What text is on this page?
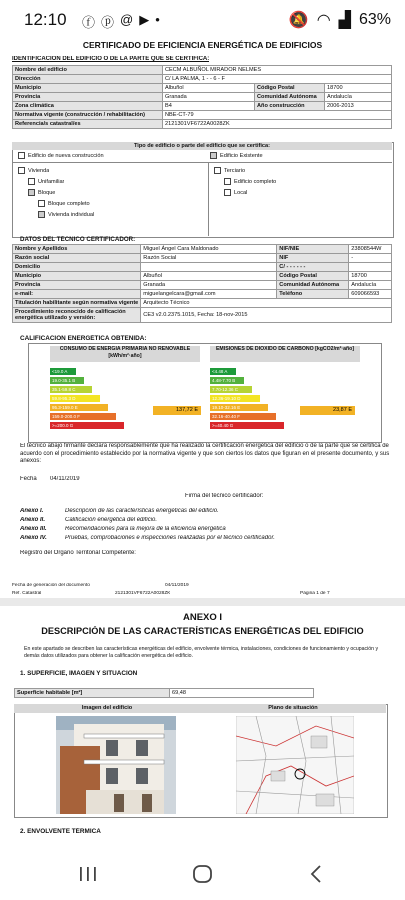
12:10 ⓕ ⓟ @ ▶ •	🔕 ◠ ▟ 63%
CERTIFICADO DE EFICIENCIA ENERGÉTICA DE EDIFICIOS
IDENTIFICACIÓN DEL EDIFICIO O DE LA PARTE QUE SE CERTIFICA:
Nombre del edificio	CECM ALBUÑOL MIRADOR NELMES		
Dirección	C/ LA PALMA, 1 - - 6 - F		
Municipio	Albuñol	Código Postal	18700
Provincia	Granada	Comunidad Autónoma	Andalucía
Zona climática	B4	Año construcción	2006-2013
Normativa vigente (construcción / rehabilitación)	NBE-CT-79		
Referencia/s catastral/es	2121301VF6722A0028ZK		
Tipo de edificio o parte del edificio que se certifica:
Edificio de nueva construcción	Edificio Existente
Vivienda
Unifamiliar
Bloque
Bloque completo
Vivienda individual
Terciario
Edificio completo
Local
DATOS DEL TÉCNICO CERTIFICADOR:
Nombre y Apellidos	Miguel Ángel Cara Maldonado	NIF/NIE	23808544W
Razón social	Razón Social	NIF	-
Domicilio		C/ - - - - - -	
Municipio	Albuñol	Código Postal	18700
Provincia	Granada	Comunidad Autónoma	Andalucía
e-mail:	miguelangelcara@gmail.com	Teléfono	609066593
Titulación habilitante según normativa vigente	Arquitecto Técnico		
Procedimiento reconocido de calificación energética utilizado y versión:	CE3 v2.0.2375.1015, Fecha: 18-nov-2015		
CALIFICACIÓN ENERGÉTICA OBTENIDA:
CONSUMO DE ENERGÍA PRIMARIA NO RENOVABLE [kWh/m²·año]
EMISIONES DE DIÓXIDO DE CARBONO [kgCO2/m²·año]
<19.0 A
19.0-35.1 B
35.1-59.8 C
59.8-95.3 D
95.3-159.0 E
159.0-200.0 F
>=200.0 G
<4.48 A
4.48-7.70 B
7.70-12.36 C
12.36-19.10 D
19.10-32.16 E
32.16-40.40 F
>=40.40 G
137,72 E	23,87 E
El técnico abajo firmante declara responsablemente que ha realizado la certificación energética del edificio o de la parte que se certifica de acuerdo con el procedimiento establecido por la normativa vigente y que son ciertos los datos que figuran en el presente documento, y sus anexos:
Fecha 04/11/2019
Firma del técnico certificador:
Anexo I.	Descripción de las características energéticas del edificio.
Anexo II.	Calificación energética del edificio.
Anexo III.	Recomendaciones para la mejora de la eficiencia energética
Anexo IV.	Pruebas, comprobaciones e inspecciones realizadas por el técnico certificador.
Registro del Órgano Territorial Competente:
Fecha de generación del documento	04/11/2019
Ref. Catastral	2121301VF6722A0028ZK	Página 1 de 7
ANEXO I
DESCRIPCIÓN DE LAS CARACTERÍSTICAS ENERGÉTICAS DEL EDIFICIO
En este apartado se describen las características energéticas del edificio, envolvente térmica, instalaciones, condiciones de funcionamiento y ocupación y demás datos utilizados para obtener la calificación energética del edificio.
1. SUPERFICIE, IMAGEN Y SITUACIÓN
Superficie habitable [m²]	69,48
Imagen del edificio	Plano de situación
2. ENVOLVENTE TÉRMICA
